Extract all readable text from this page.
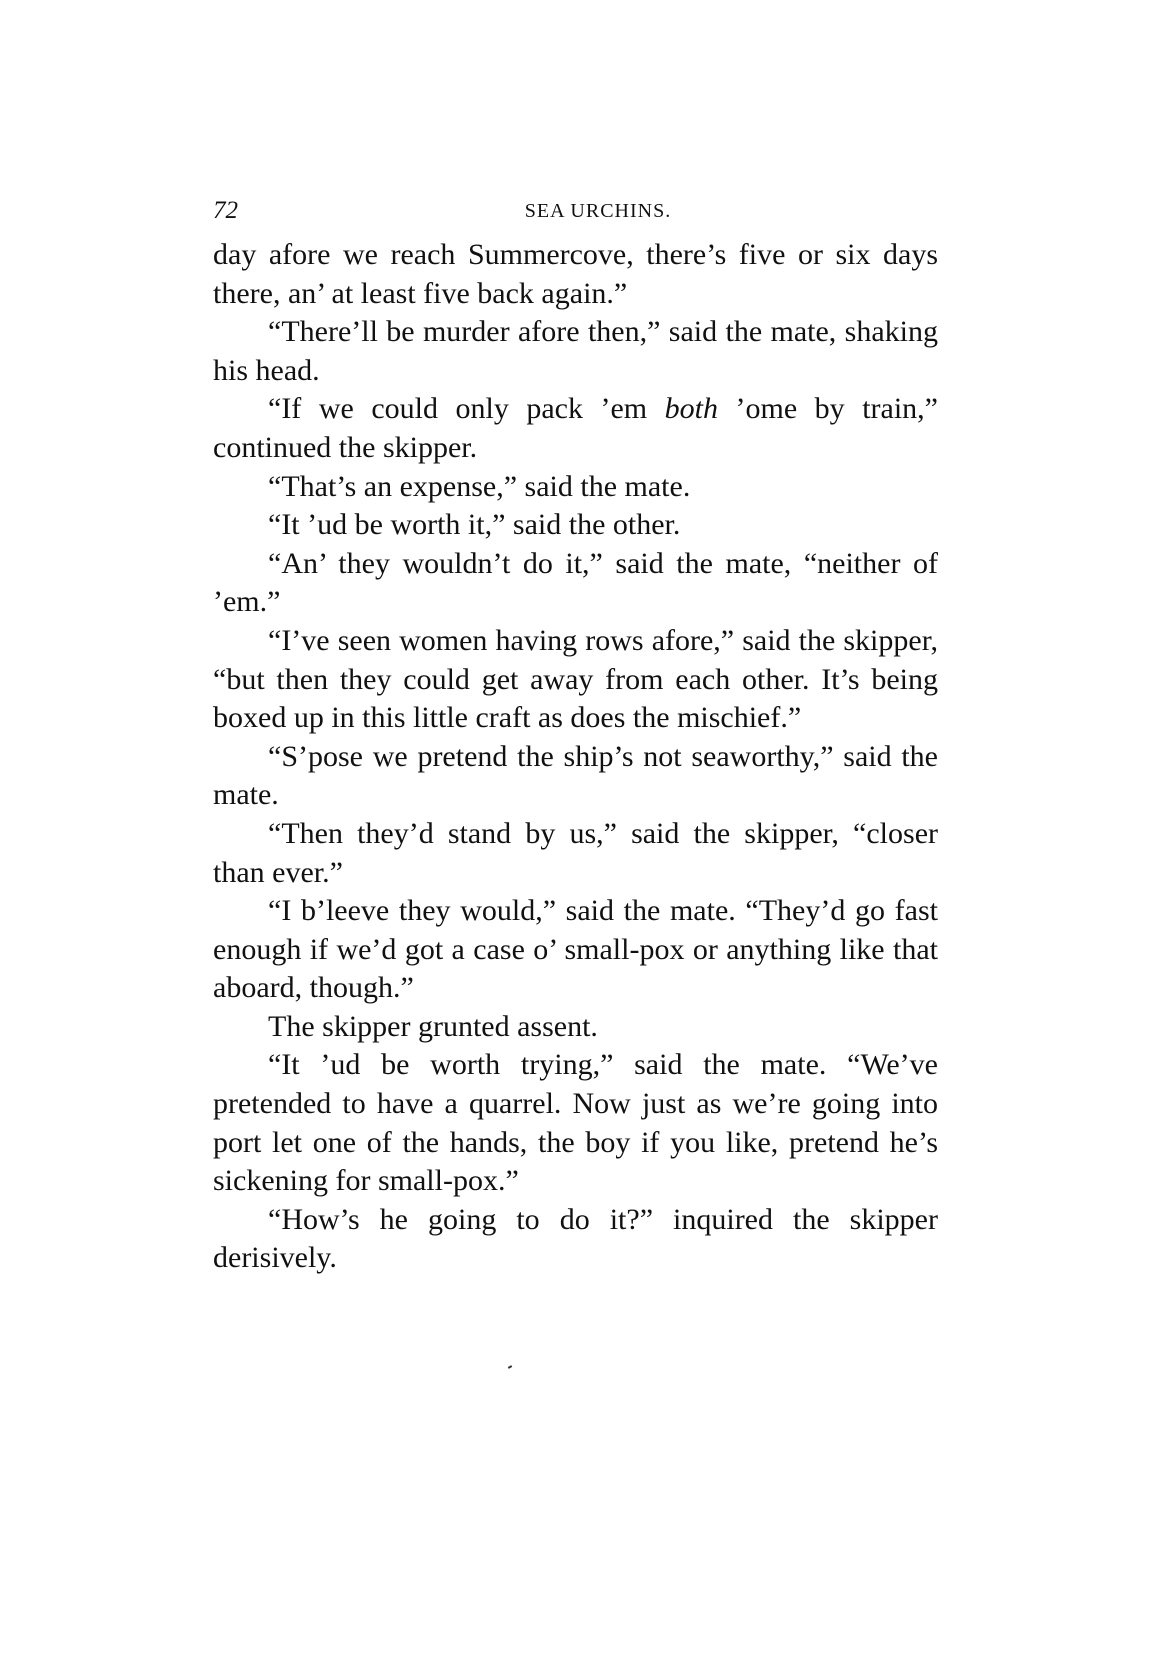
72	SEA URCHINS.

day afore we reach Summercove, there’s five or six days there, an’ at least five back again.”

“There’ll be murder afore then,” said the mate, shaking his head.

“If we could only pack ’em both ’ome by train,” continued the skipper.

“That’s an expense,” said the mate.

“It ’ud be worth it,” said the other.

“An’ they wouldn’t do it,” said the mate, “neither of ’em.”

“I’ve seen women having rows afore,” said the skipper, “but then they could get away from each other. It’s being boxed up in this little craft as does the mischief.”

“S’pose we pretend the ship’s not seaworthy,” said the mate.

“Then they’d stand by us,” said the skipper, “closer than ever.”

“I b’leeve they would,” said the mate. “They’d go fast enough if we’d got a case o’ small-pox or anything like that aboard, though.”

The skipper grunted assent.

“It ’ud be worth trying,” said the mate. “We’ve pretended to have a quarrel. Now just as we’re going into port let one of the hands, the boy if you like, pretend he’s sickening for small-pox.”

“How’s he going to do it?” inquired the skipper derisively.
